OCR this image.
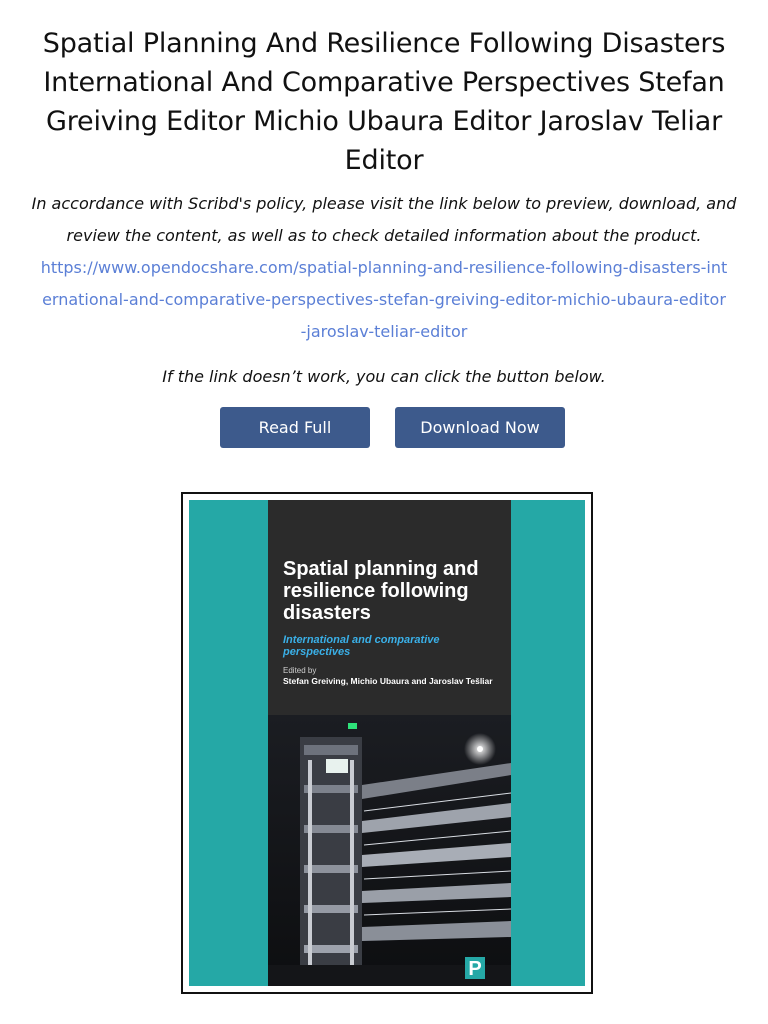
Spatial Planning And Resilience Following Disasters International And Comparative Perspectives Stefan Greiving Editor Michio Ubaura Editor Jaroslav Teliar Editor

In accordance with Scribd's policy, please visit the link below to preview, download, and review the content, as well as to check detailed information about the product.

https://www.opendocshare.com/spatial-planning-and-resilience-following-disasters-international-and-comparative-perspectives-stefan-greiving-editor-michio-ubaura-editor-jaroslav-teliar-editor

If the link doesn’t work, you can click the button below.

Read Full	Download Now
Spatial planning and resilience following disasters

International and comparative perspectives

Edited by
Stefan Greiving, Michio Ubaura and Jaroslav Tešliar
P
